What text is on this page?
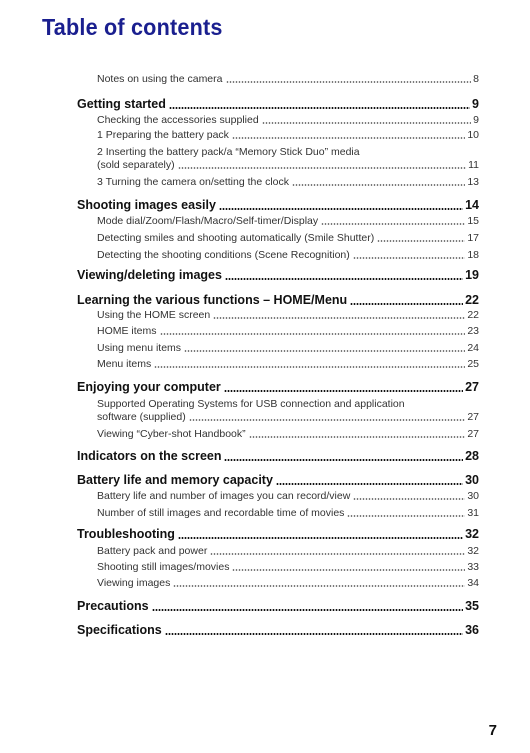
Table of contents
Notes on using the camera	8
Getting started	9
Checking the accessories supplied	9
1 Preparing the battery pack	10
2 Inserting the battery pack/a “Memory Stick Duo” media
(sold separately)	11
3 Turning the camera on/setting the clock	13
Shooting images easily	14
Mode dial/Zoom/Flash/Macro/Self-timer/Display	15
Detecting smiles and shooting automatically (Smile Shutter)	17
Detecting the shooting conditions (Scene Recognition)	18
Viewing/deleting images	19
Learning the various functions – HOME/Menu	22
Using the HOME screen	22
HOME items	23
Using menu items	24
Menu items	25
Enjoying your computer	27
Supported Operating Systems for USB connection and application
software (supplied)	27
Viewing “Cyber-shot Handbook”	27
Indicators on the screen	28
Battery life and memory capacity	30
Battery life and number of images you can record/view	30
Number of still images and recordable time of movies	31
Troubleshooting	32
Battery pack and power	32
Shooting still images/movies	33
Viewing images	34
Precautions	35
Specifications	36
7
